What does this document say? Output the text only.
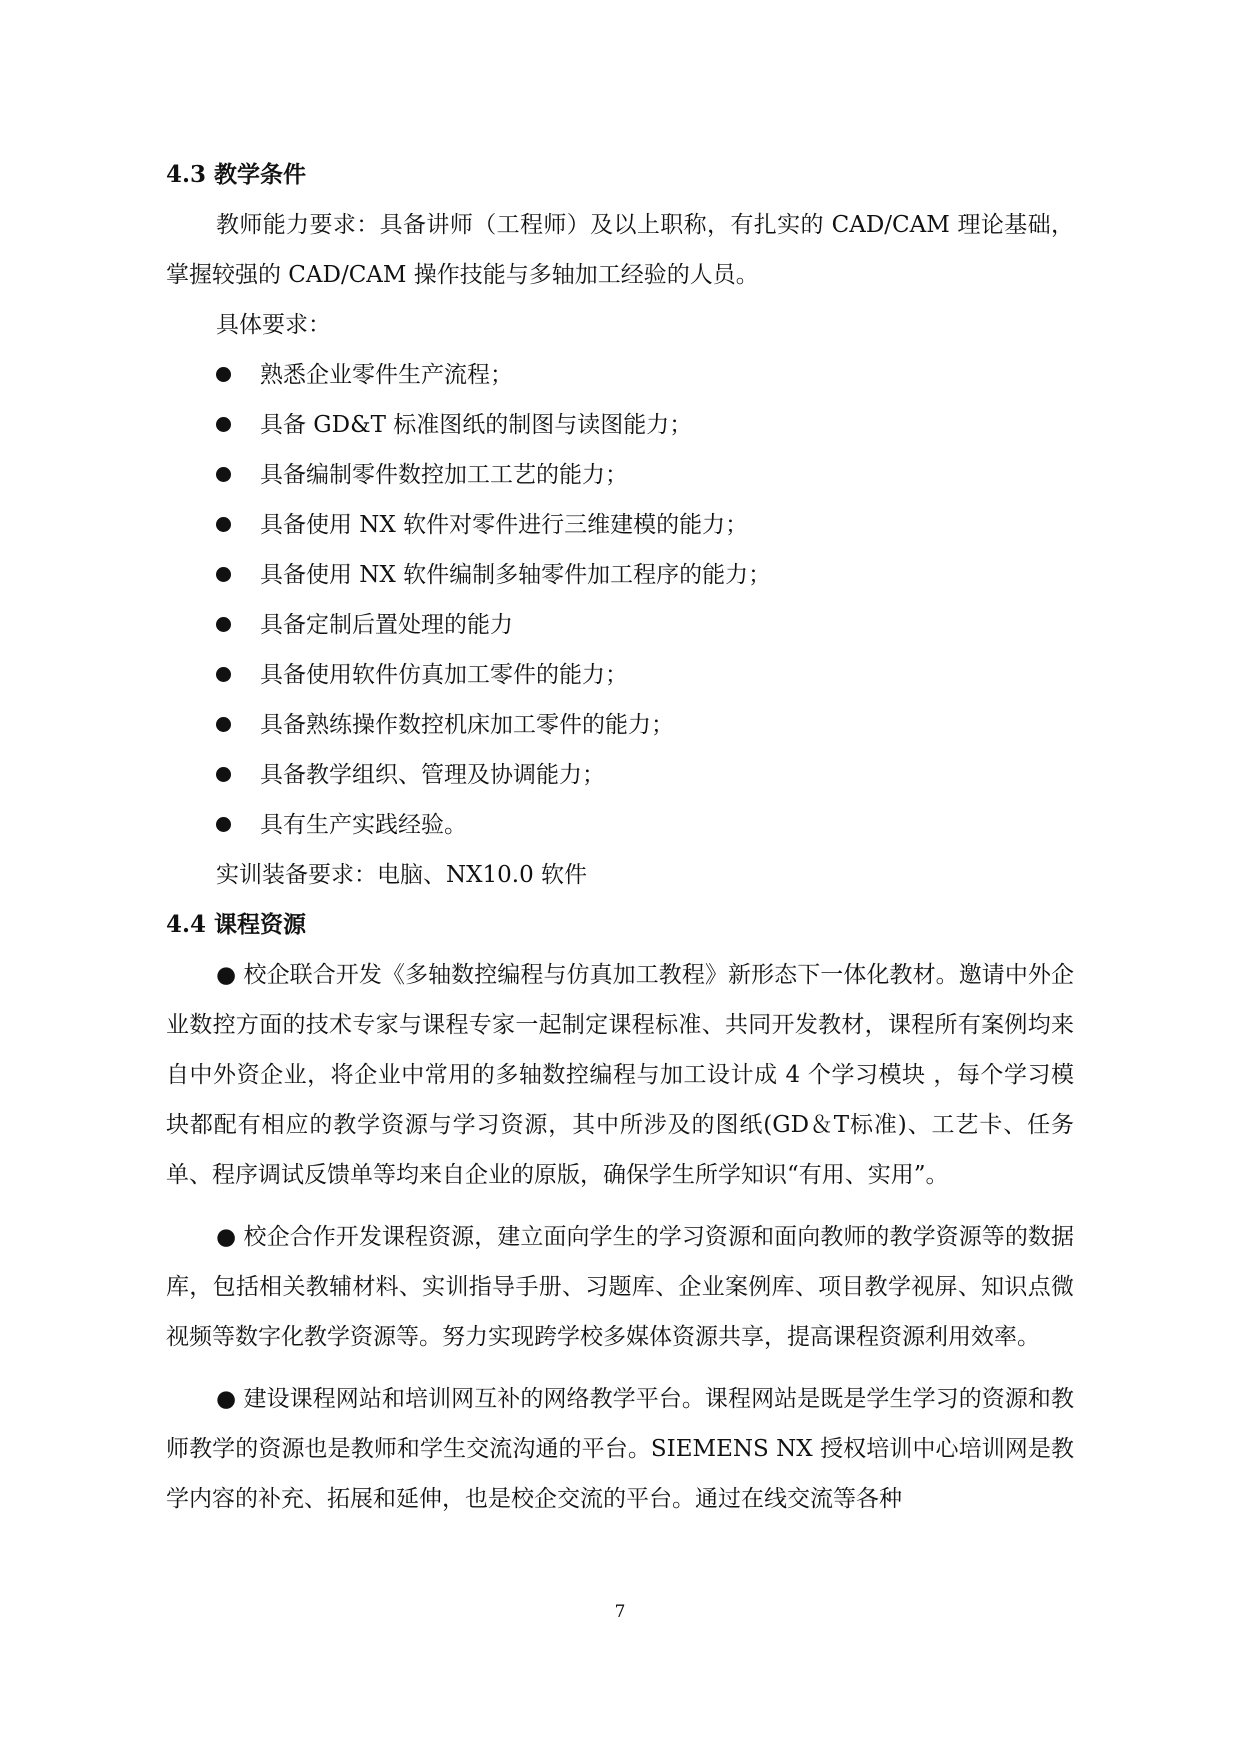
4.3 教学条件
教师能力要求：具备讲师（工程师）及以上职称，有扎实的 CAD/CAM 理论基础，掌握较强的 CAD/CAM 操作技能与多轴加工经验的人员。
具体要求：
熟悉企业零件生产流程；
具备 GD&T 标准图纸的制图与读图能力；
具备编制零件数控加工工艺的能力；
具备使用 NX 软件对零件进行三维建模的能力；
具备使用 NX 软件编制多轴零件加工程序的能力；
具备定制后置处理的能力
具备使用软件仿真加工零件的能力；
具备熟练操作数控机床加工零件的能力；
具备教学组织、管理及协调能力；
具有生产实践经验。
实训装备要求：电脑、NX10.0 软件
4.4 课程资源
● 校企联合开发《多轴数控编程与仿真加工教程》新形态下一体化教材。邀请中外企业数控方面的技术专家与课程专家一起制定课程标准、共同开发教材，课程所有案例均来自中外资企业，将企业中常用的多轴数控编程与加工设计成 4 个学习模块 ，每个学习模块都配有相应的教学资源与学习资源，其中所涉及的图纸(GD＆T标准)、工艺卡、任务单、程序调试反馈单等均来自企业的原版，确保学生所学知识“有用、实用”。
● 校企合作开发课程资源，建立面向学生的学习资源和面向教师的教学资源等的数据库，包括相关教辅材料、实训指导手册、习题库、企业案例库、项目教学视屏、知识点微视频等数字化教学资源等。努力实现跨学校多媒体资源共享，提高课程资源利用效率。
● 建设课程网站和培训网互补的网络教学平台。课程网站是既是学生学习的资源和教师教学的资源也是教师和学生交流沟通的平台。SIEMENS NX 授权培训中心培训网是教学内容的补充、拓展和延伸，也是校企交流的平台。通过在线交流等各种
7
